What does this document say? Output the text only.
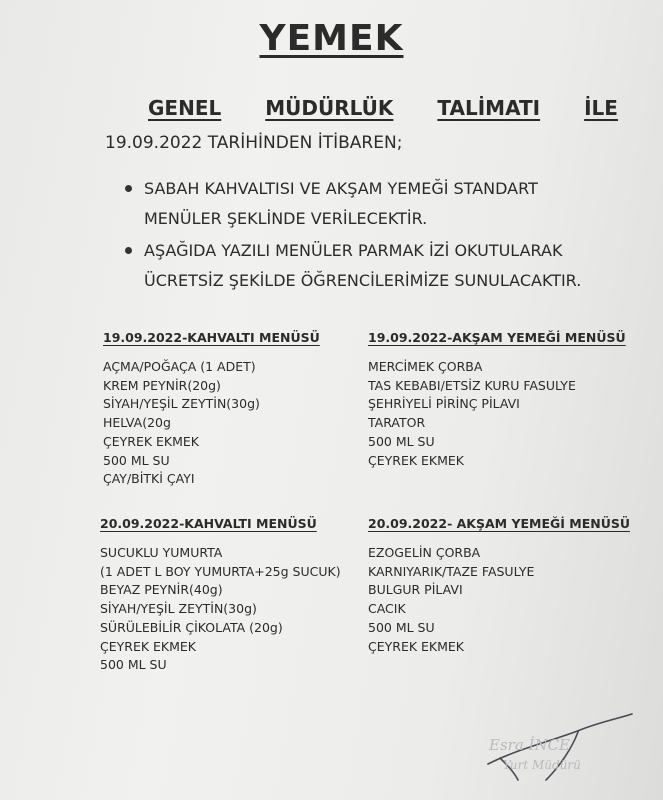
YEMEK
GENEL MÜDÜRLÜK TALİMATI İLE
19.09.2022 TARİHİNDEN İTİBAREN;
SABAH KAHVALTISI VE AKŞAM YEMEĞİ STANDART MENÜLER ŞEKLİNDE VERİLECEKTİR.
AŞAĞIDA YAZILI MENÜLER PARMAK İZİ OKUTULARAK ÜCRETSİZ ŞEKİLDE ÖĞRENCİLERİMİZE SUNULACAKTIR.
19.09.2022-KAHVALTI MENÜSÜ
AÇMA/POĞAÇA (1 ADET)
KREM PEYNİR(20g)
SİYAH/YEŞİL ZEYTİN(30g)
HELVA(20g
ÇEYREK EKMEK
500 ML SU
ÇAY/BİTKİ ÇAYI
19.09.2022-AKŞAM YEMEĞİ MENÜSÜ
MERCİMEK ÇORBA
TAS KEBABI/ETSİZ KURU FASULYE
ŞEHRİYELİ PİRİNÇ PİLAVI
TARATOR
500 ML SU
ÇEYREK EKMEK
20.09.2022-KAHVALTI MENÜSÜ
SUCUKLU YUMURTA
(1 ADET L BOY YUMURTA+25g SUCUK)
BEYAZ PEYNİR(40g)
SİYAH/YEŞİL ZEYTİN(30g)
SÜRÜLEBİLİR ÇİKOLATA (20g)
ÇEYREK EKMEK
500 ML SU
20.09.2022- AKŞAM YEMEĞİ MENÜSÜ
EZOGELİN ÇORBA
KARNIYARIK/TAZE FASULYE
BULGUR PİLAVI
CACIK
500 ML SU
ÇEYREK EKMEK
Esra İNCE
Yurt Müdürü
